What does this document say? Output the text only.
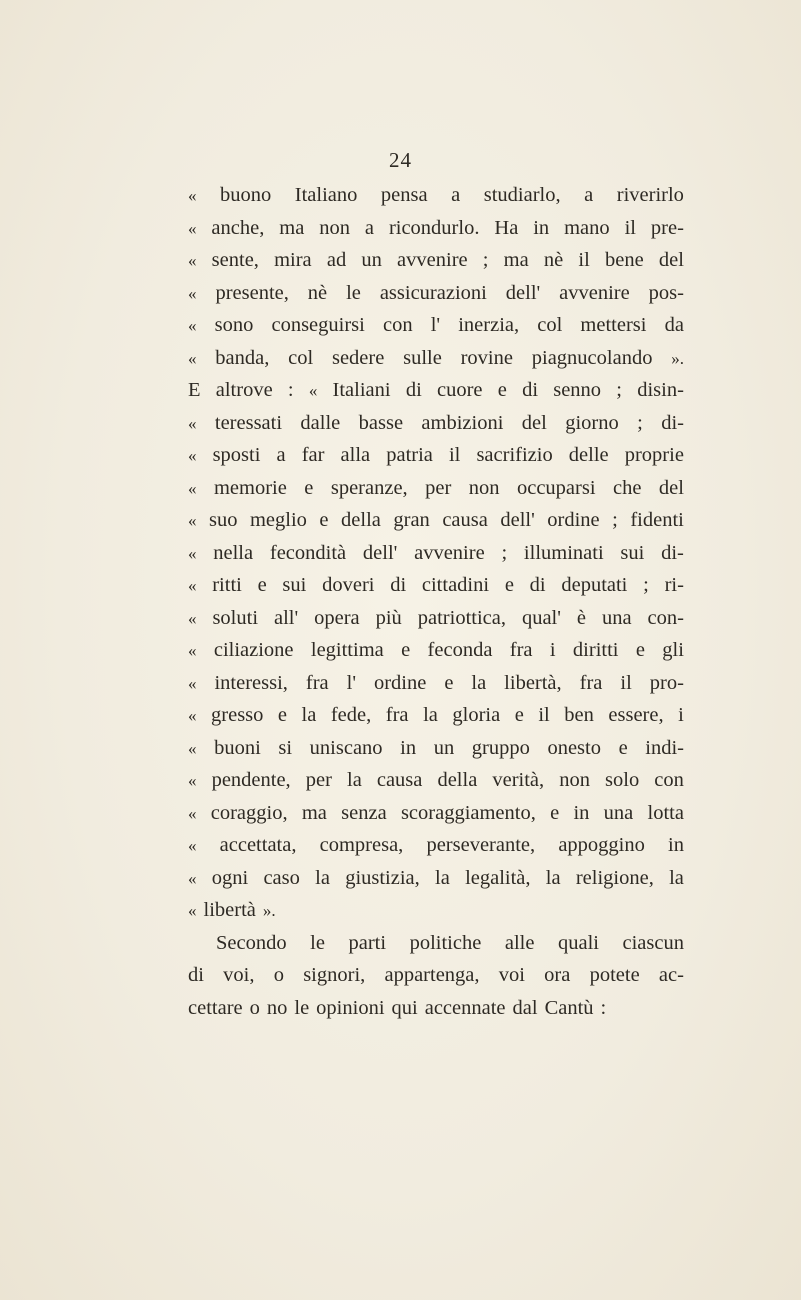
24
« buono Italiano pensa a studiarlo, a riverirlo
« anche, ma non a ricondurlo. Ha in mano il pre-
« sente, mira ad un avvenire ; ma nè il bene del
« presente, nè le assicurazioni dell' avvenire pos-
« sono conseguirsi con l' inerzia, col mettersi da
« banda, col sedere sulle rovine piagnucolando ».
E altrove : « Italiani di cuore e di senno ; disin-
« teressati dalle basse ambizioni del giorno ; di-
« sposti a far alla patria il sacrifizio delle proprie
« memorie e speranze, per non occuparsi che del
« suo meglio e della gran causa dell' ordine ; fidenti
« nella fecondità dell' avvenire ; illuminati sui di-
« ritti e sui doveri di cittadini e di deputati ; ri-
« soluti all' opera più patriottica, qual' è una con-
« ciliazione legittima e feconda fra i diritti e gli
« interessi, fra l' ordine e la libertà, fra il pro-
« gresso e la fede, fra la gloria e il ben essere, i
« buoni si uniscano in un gruppo onesto e indi-
« pendente, per la causa della verità, non solo con
« coraggio, ma senza scoraggiamento, e in una lotta
« accettata, compresa, perseverante, appoggino in
« ogni caso la giustizia, la legalità, la religione, la
« libertà ».
Secondo le parti politiche alle quali ciascun
di voi, o signori, appartenga, voi ora potete ac-
cettare o no le opinioni qui accennate dal Cantù :
